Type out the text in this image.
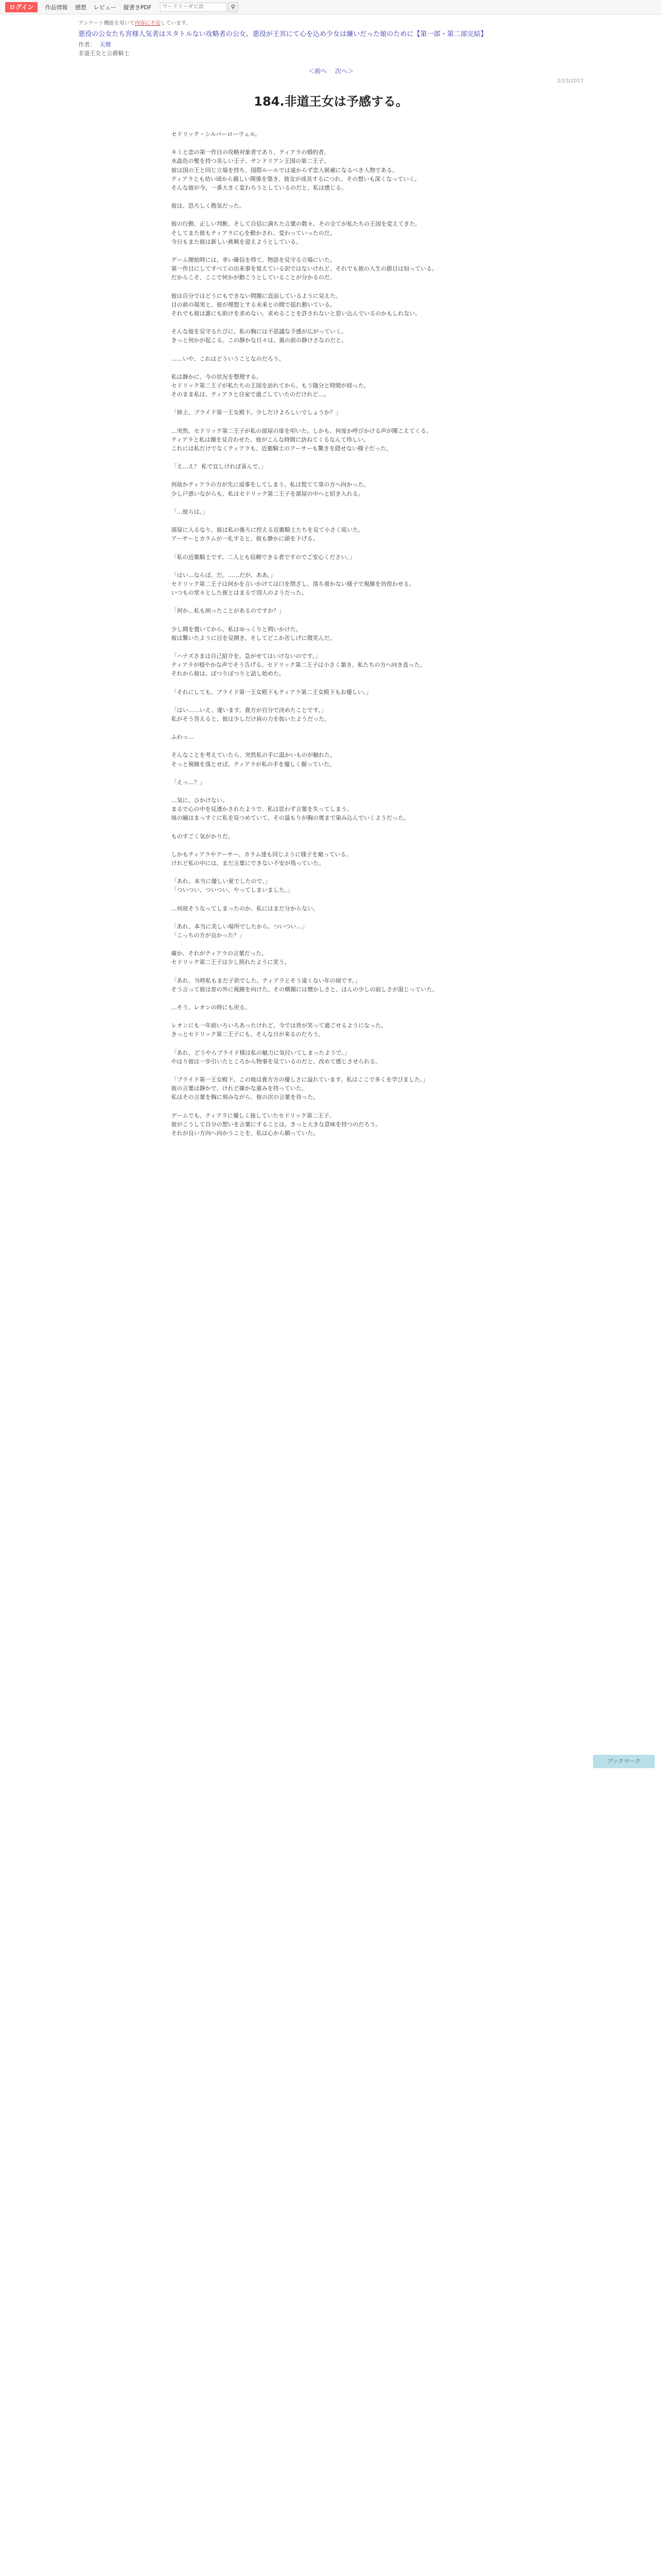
ログイン	作品情報 感想 レビュー 縦書きPDF
ワードリーダビ語	⚲
アンケート機能を用いて内容に不安しています。
悪役の公女たち宮様人気者はスタトルない攻略者の公女、悪役が王宮にて心を込め少女は嫌いだった娘のために【第一部・第二部完結】
作者： 天理
非道王女と公爵騎士
＜前へ 次へ＞
2/23/2017
184.非道王女は予感する。

セドリック・シルバーローウェル。

キミと恋の第一作目の攻略対象者であり、ティアラの婚約者。
水晶色の髪を持つ美しい王子、サンドリアン王国の第二王子。
彼は国の王と同じ立場を持ち、国際ルールでは遠からず恋人候補になるべき人物である。
ティアラとも幼い頃から親しい関係を築き、彼女が成長するにつれ、その想いも深くなっていく。
そんな彼が今、一番大きく変わろうとしているのだと、私は感じる。

彼は、恐ろしく勘気だった。

彼の行動、正しい判断、そして自信に満ちた言葉の数々。その全てが私たちの王国を変えてきた。
そしてまた彼もティアラに心を動かされ、変わっていったのだ。
今日もまた彼は新しい挑戦を迎えようとしている。

ゲーム開始時には、幸い確信を得て、物語を見守る立場にいた。
第一作目にしてすべての出来事を覚えている訳ではないけれど、それでも彼の人生の節目は知っている。
だからこそ、ここで何かが動こうとしていることが分かるのだ。

彼は自分ではどうにもできない問題に直面しているように見えた。
目の前の現実と、彼が理想とする未来との間で揺れ動いている。
それでも彼は誰にも助けを求めない。求めることを許されないと思い込んでいるのかもしれない。

そんな彼を見守るたびに、私の胸には不思議な予感が広がっていく。
きっと何かが起こる。この静かな日々は、嵐の前の静けさなのだと。

……いや、これはどういうことなのだろう。

私は静かに、今の状況を整理する。
セドリック第二王子が私たちの王国を訪れてから、もう随分と時間が経った。
そのまま私は、ティアラと自室で過ごしていたのだけれど…。

「姉上、ブライド第一王女殿下。少しだけよろしいでしょうか？」

…突然、セドリック第二王子が私の部屋の扉を叩いた。しかも、何度か呼びかける声が聞こえてくる。
ティアラと私は顔を見合わせた。彼がこんな時間に訪ねてくるなんて珍しい。
これには私だけでなくティアラも、近衛騎士のアーサーも驚きを隠せない様子だった。

「え…え？ 私で宜しければ喜んで。」

何故かティアラの方が先に返事をしてしまう。私は慌てて扉の方へ向かった。
少し戸惑いながらも、私はセドリック第二王子を部屋の中へと招き入れる。

「…彼らは。」

部屋に入るなり、彼は私の後ろに控える近衛騎士たちを見て小さく呟いた。
アーサーとカラムが一礼すると、彼も静かに頭を下げる。

「私の近衛騎士です。二人とも信頼できる者ですのでご安心ください。」

「はい…ならば、だ。……だが、ああ。」
セドリック第二王子は何かを言いかけては口を閉ざし、落ち着かない様子で視線を彷徨わせる。
いつもの堂々とした彼とはまるで別人のようだった。

「何か…私も困ったことがあるのですか？」

少し間を置いてから、私はゆっくりと問いかけた。
彼は驚いたように目を見開き、そしてどこか苦しげに微笑んだ。

「ハナズさまは自己紹介を。急がせてはいけないのです。」
ティアラが穏やかな声でそう告げる。セドリック第二王子は小さく頷き、私たちの方へ向き直った。
それから彼は、ぽつりぽつりと話し始めた。

「それにしても、ブライド第一王女殿下もティアラ第二王女殿下もお優しい。」

「はい……いえ、違います。貴方が自分で決めたことです。」
私がそう答えると、彼は少しだけ肩の力を抜いたようだった。

ふわっ…

そんなことを考えていたら、突然私の手に温かいものが触れた。
そっと視線を落とせば、ティアラが私の手を優しく握っていた。

「えっ…？」

…気に、ひかけない。
まるで心の中を見透かされたようで、私は思わず言葉を失ってしまう。
妹の瞳はまっすぐに私を見つめていて、その温もりが胸の奥まで染み込んでいくようだった。

ものすごく気がかりだ。

しかもティアラやアーサー、カラム達も同じように様子を窺っている。
けれど私の中には、まだ言葉にできない不安が残っていた。

「あれ、本当に優しい夏でしたので。」
「ついつい、ついつい、やってしまいました。」

…何故そうなってしまったのか、私にはまだ分からない。

「あれ、本当に美しい場所でしたから。ついつい…」
「こっちの方が良かった？」

確か、それがティアラの言葉だった。
セドリック第二王子は少し照れたように笑う。

「あれ、当時私もまだ子供でした。ティアラとそう遠くない年の頃です。」
そう言って彼は窓の外に視線を向けた。その横顔には懐かしさと、ほんの少しの寂しさが混じっていた。

…そう、レオンの時にも戻る。

レオンにも一年前いろいろあったけれど、今では皆が笑って過ごせるようになった。
きっとセドリック第二王子にも、そんな日が来るのだろう。

「あれ、どうやらブライド様は私の魅力に気付いてしまったようで。」
やはり彼は一歩引いたところから物事を見ているのだと、改めて感じさせられる。

「ブライド第一王女殿下。この地は貴方方の優しさに溢れています。私はここで多くを学びました。」
彼の言葉は静かで、けれど確かな重みを持っていた。
私はその言葉を胸に刻みながら、彼の次の言葉を待った。

ゲームでも、ティアラに優しく接していたセドリック第二王子。
彼がこうして自分の想いを言葉にすることは、きっと大きな意味を持つのだろう。
それが良い方向へ向かうことを、私は心から願っていた。

ブックマーク
